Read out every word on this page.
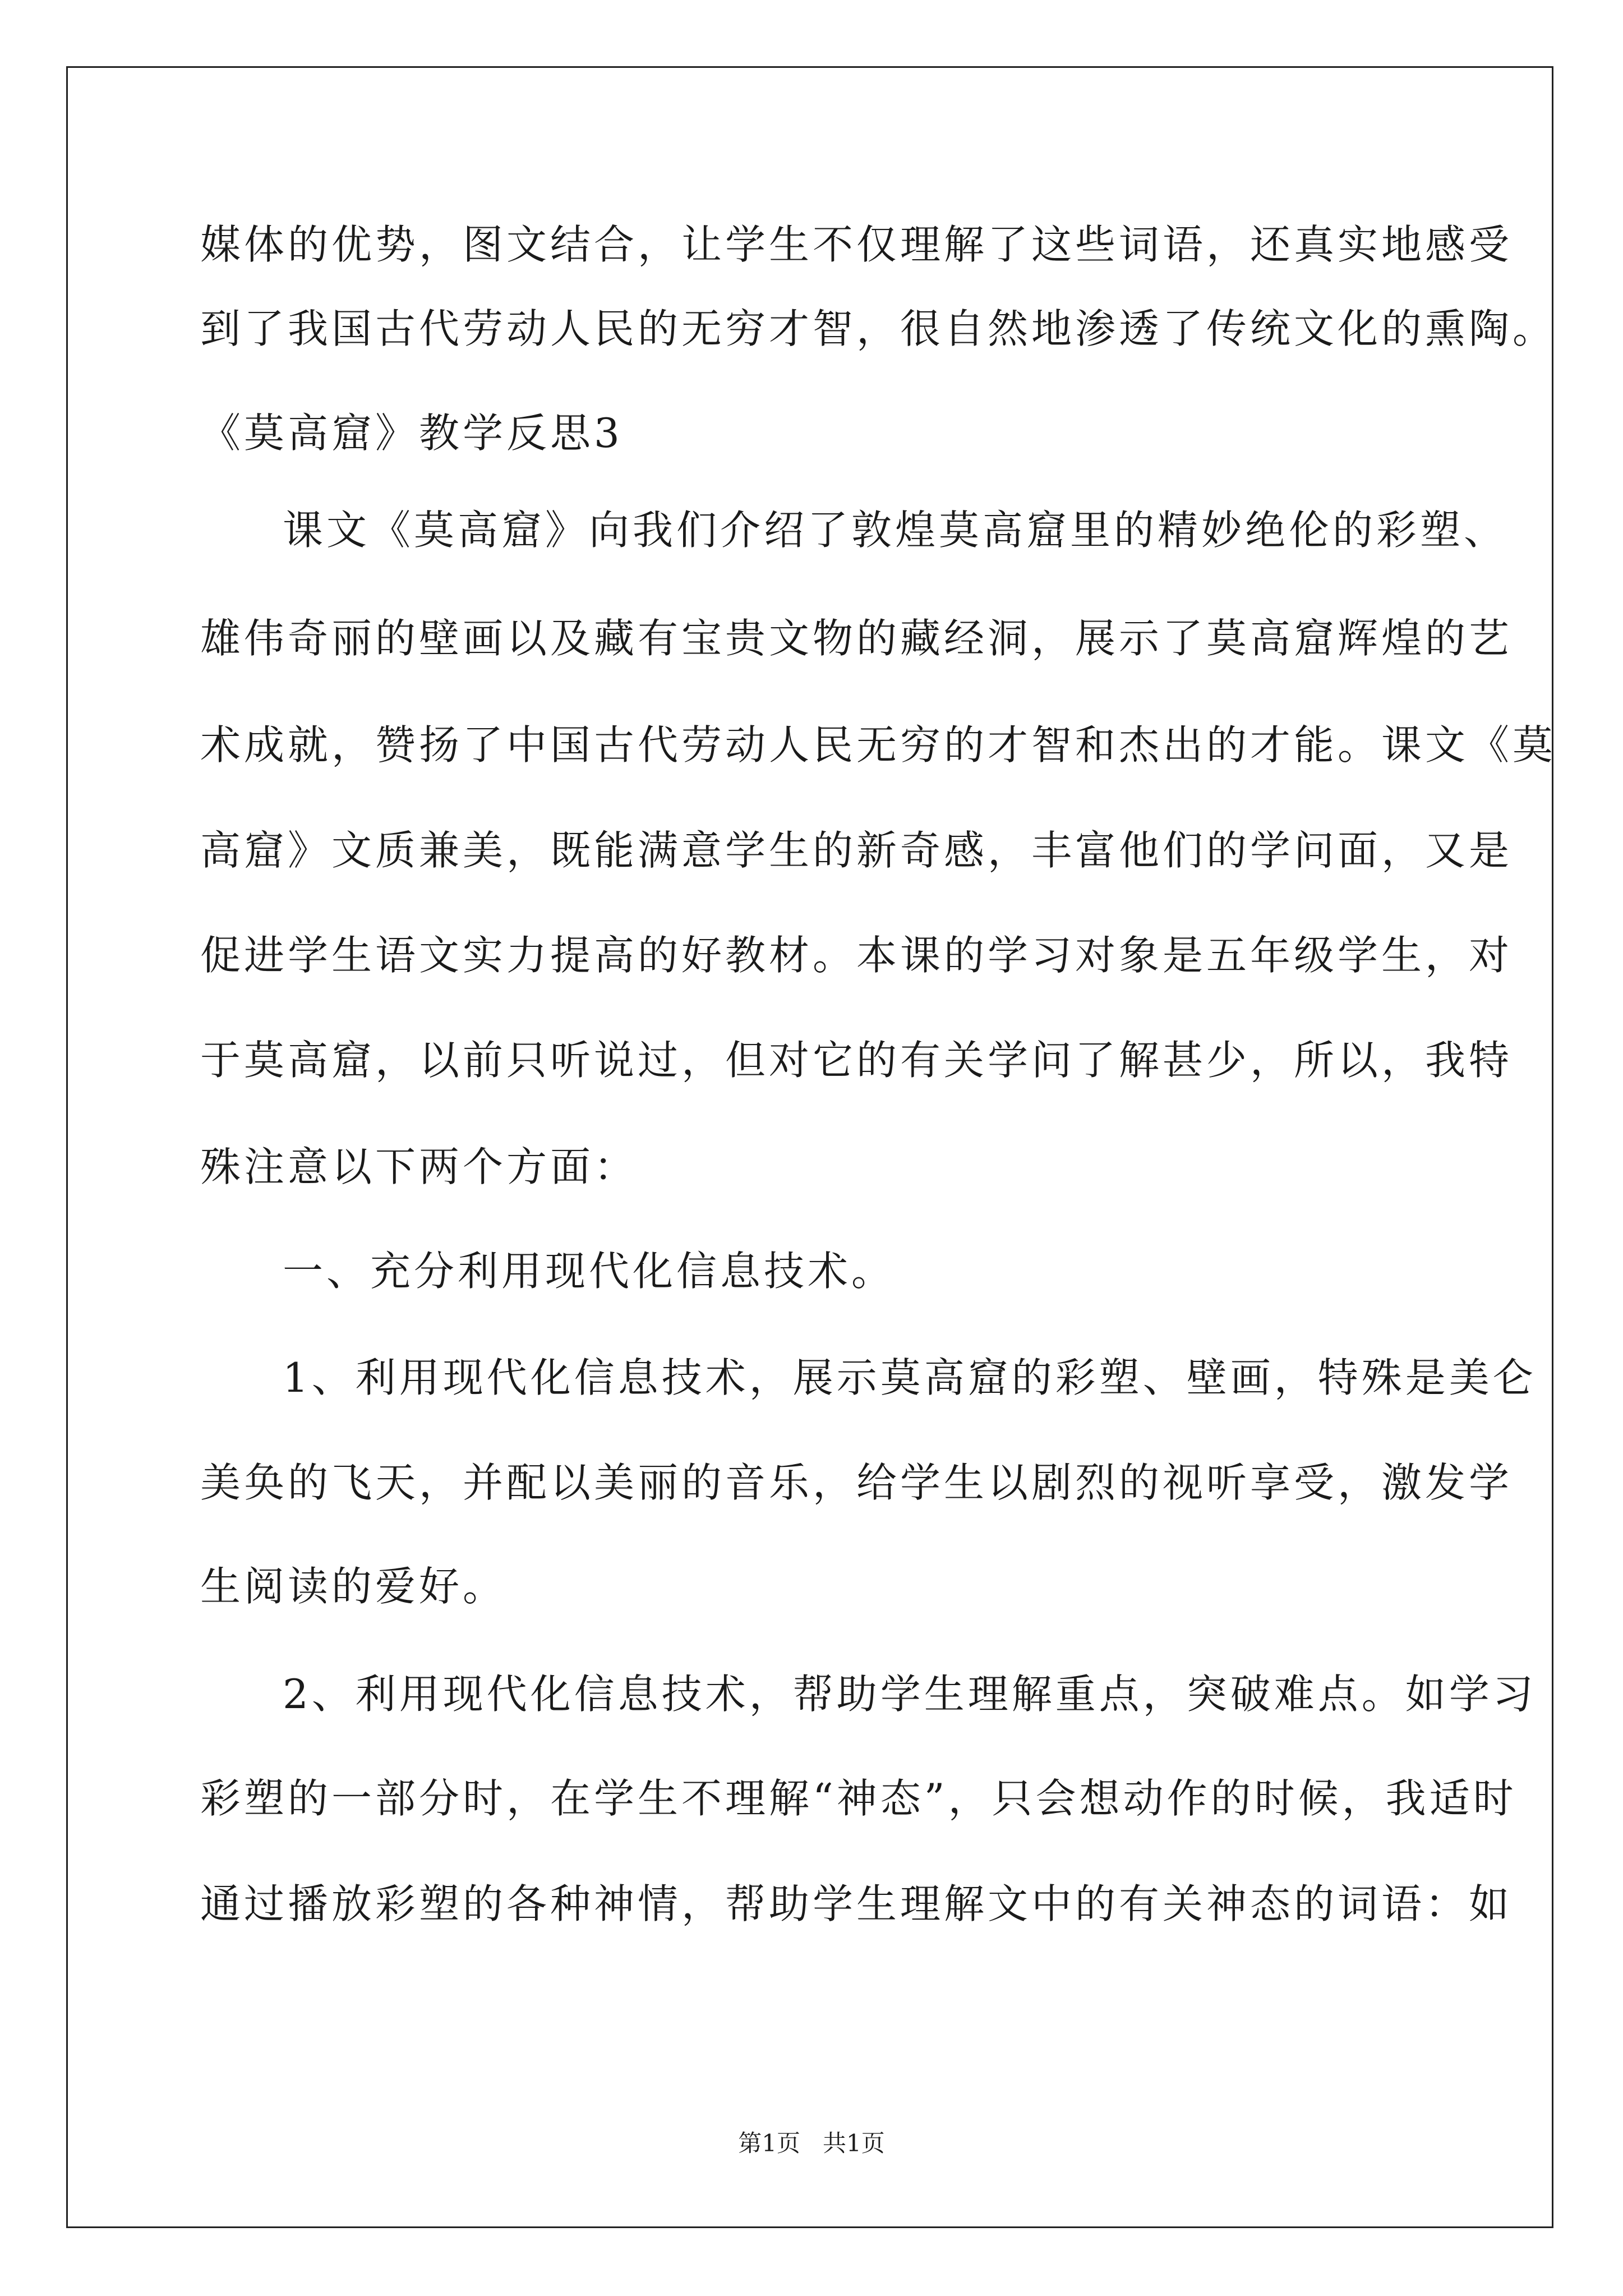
媒体的优势，图文结合，让学生不仅理解了这些词语，还真实地感受
到了我国古代劳动人民的无穷才智，很自然地渗透了传统文化的熏陶。
《莫高窟》教学反思3
课文《莫高窟》向我们介绍了敦煌莫高窟里的精妙绝伦的彩塑、
雄伟奇丽的壁画以及藏有宝贵文物的藏经洞，展示了莫高窟辉煌的艺
术成就，赞扬了中国古代劳动人民无穷的才智和杰出的才能。课文《莫
高窟》文质兼美，既能满意学生的新奇感，丰富他们的学问面，又是
促进学生语文实力提高的好教材。本课的学习对象是五年级学生，对
于莫高窟，以前只听说过，但对它的有关学问了解甚少，所以，我特
殊注意以下两个方面：
一、充分利用现代化信息技术。
1、利用现代化信息技术，展示莫高窟的彩塑、壁画，特殊是美仑
美奂的飞天，并配以美丽的音乐，给学生以剧烈的视听享受，激发学
生阅读的爱好。
2、利用现代化信息技术，帮助学生理解重点，突破难点。如学习
彩塑的一部分时，在学生不理解“神态”，只会想动作的时候，我适时
通过播放彩塑的各种神情，帮助学生理解文中的有关神态的词语：如
第1页   共1页
